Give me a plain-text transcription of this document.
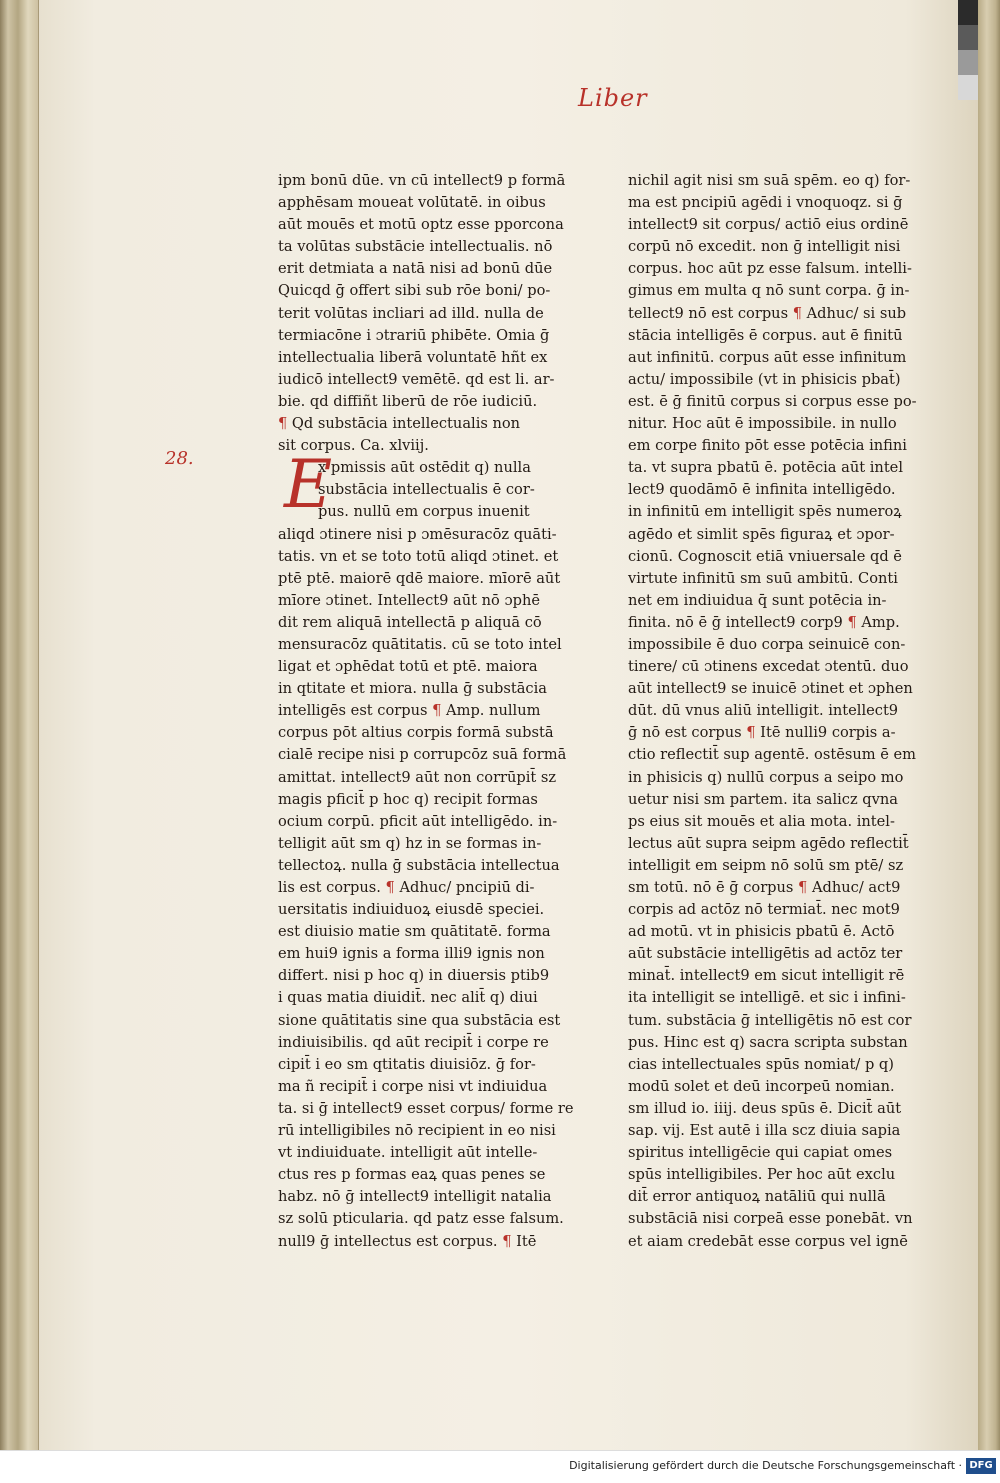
Liber
28. E
ipm bonū dūe. vn cū intellect9 p formā
apphēsam moueat volūtatē. in oibus
aūt mouēs et motū optz esse pporcona
ta volūtas substācie intellectualis. nō
erit detmiata a natā nisi ad bonū dūe
Quicqd ḡ offert sibi sub rōe boni/ po-
terit volūtas incliari ad illd. nulla de
termiacōne i ɔtrariū phibēte. Omia ḡ
intellectualia liberā voluntatē hñt ex
iudicō intellect9 vemētē. qd est li. ar-
bie. qd diffiñt liberū de rōe iudiciū.
¶ Qd substācia intellectualis non
sit corpus. Ca. xlviij.
x pmissis aūt ostēdit q) nulla
substācia intellectualis ē cor-
pus. nullū em corpus inuenit
aliqd ɔtinere nisi p ɔmēsuracōz quāti-
tatis. vn et se toto totū aliqd ɔtinet. et
ptē ptē. maiorē qdē maiore. mīorē aūt
mīore ɔtinet. Intellect9 aūt nō ɔphē
dit rem aliquā intellectā p aliquā cō
mensuracōz quātitatis. cū se toto intel
ligat et ɔphēdat totū et ptē. maiora
in qtitate et miora. nulla ḡ substācia
intelligēs est corpus ¶ Amp. nullum
corpus pōt altius corpis formā substā
cialē recipe nisi p corrupcōz suā formā
amittat. intellect9 aūt non corrūpit̄ sz
magis pficit̄ p hoc q) recipit formas
ocium corpū. pficit aūt intelligēdo. in-
telligit aūt sm q) hz in se formas in-
tellectoꝝ. nulla ḡ substācia intellectua
lis est corpus. ¶ Adhuc/ pncipiū di-
uersitatis indiuiduoꝝ eiusdē speciei.
est diuisio matie sm quātitatē. forma
em hui9 ignis a forma illi9 ignis non
differt. nisi p hoc q) in diuersis ptib9
i quas matia diuidit̄. nec alit̄ q) diui
sione quātitatis sine qua substācia est
indiuisibilis. qd aūt recipit̄ i corpe re
cipit̄ i eo sm qtitatis diuisiōz. ḡ for-
ma ñ recipit̄ i corpe nisi vt indiuidua
ta. si ḡ intellect9 esset corpus/ forme re
rū intelligibiles nō recipient in eo nisi
vt indiuiduate. intelligit aūt intelle-
ctus res p formas eaꝝ quas penes se
habz. nō ḡ intellect9 intelligit natalia
sz solū pticularia. qd patz esse falsum.
null9 ḡ intellectus est corpus. ¶ Itē
nichil agit nisi sm suā spēm. eo q) for-
ma est pncipiū agēdi i vnoquoqz. si ḡ
intellect9 sit corpus/ actiō eius ordinē
corpū nō excedit. non ḡ intelligit nisi
corpus. hoc aūt pz esse falsum. intelli-
gimus em multa q nō sunt corpa. ḡ in-
tellect9 nō est corpus ¶ Adhuc/ si sub
stācia intelligēs ē corpus. aut ē finitū
aut infinitū. corpus aūt esse infinitum
actu/ impossibile (vt in phisicis pbat̄)
est. ē ḡ finitū corpus si corpus esse po-
nitur. Hoc aūt ē impossibile. in nullo
em corpe finito pōt esse potēcia infini
ta. vt supra pbatū ē. potēcia aūt intel
lect9 quodāmō ē infinita intelligēdo.
in infinitū em intelligit spēs numeroꝝ
agēdo et simlit spēs figuraꝝ et ɔpor-
cionū. Cognoscit etiā vniuersale qd ē
virtute infinitū sm suū ambitū. Conti
net em indiuidua q̄ sunt potēcia in-
finita. nō ē ḡ intellect9 corp9 ¶ Amp.
impossibile ē duo corpa seinuicē con-
tinere/ cū ɔtinens excedat ɔtentū. duo
aūt intellect9 se inuicē ɔtinet et ɔphen
dūt. dū vnus aliū intelligit. intellect9
ḡ nō est corpus ¶ Itē nulli9 corpis a-
ctio reflectit̄ sup agentē. ostēsum ē em
in phisicis q) nullū corpus a seipo mo
uetur nisi sm partem. ita salicz qvna
ps eius sit mouēs et alia mota. intel-
lectus aūt supra seipm agēdo reflectit̄
intelligit em seipm nō solū sm ptē/ sz
sm totū. nō ē ḡ corpus ¶ Adhuc/ act9
corpis ad actōz nō termiat̄. nec mot9
ad motū. vt in phisicis pbatū ē. Actō
aūt substācie intelligētis ad actōz ter
minat̄. intellect9 em sicut intelligit rē
ita intelligit se intelligē. et sic i infini-
tum. substācia ḡ intelligētis nō est cor
pus. Hinc est q) sacra scripta substan
cias intellectuales spūs nomiat/ p q)
modū solet et deū incorpeū nomian.
sm illud io. iiij. deus spūs ē. Dicit̄ aūt
sap. vij. Est autē i illa scz diuia sapia
spiritus intelligēcie qui capiat omes
spūs intelligibiles. Per hoc aūt exclu
dit̄ error antiquoꝝ natāliū qui nullā
substāciā nisi corpeā esse ponebāt. vn
et aiam credebāt esse corpus vel ignē
Digitalisierung gefördert durch die Deutsche Forschungsgemeinschaft · DFG
